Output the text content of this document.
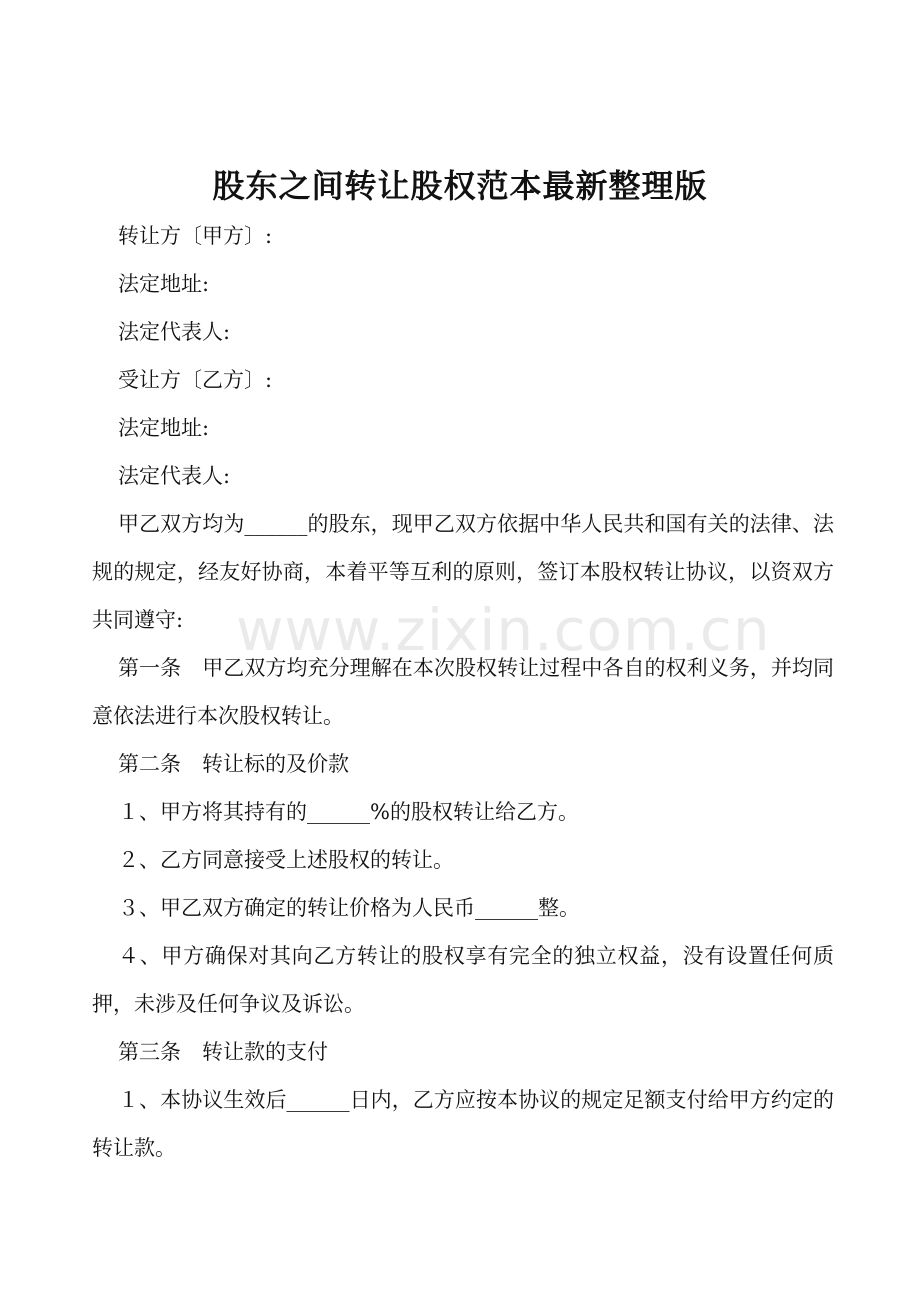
股东之间转让股权范本最新整理版

转让方〔甲方〕:

法定地址:

法定代表人:

受让方〔乙方〕:

法定地址:

法定代表人:

甲乙双方均为______的股东，现甲乙双方依据中华人民共和国有关的法律、法规的规定，经友好协商，本着平等互利的原则，签订本股权转让协议，以资双方共同遵守:

第一条　甲乙双方均充分理解在本次股权转让过程中各自的权利义务，并均同意依法进行本次股权转让。

第二条　转让标的及价款

１、甲方将其持有的______%的股权转让给乙方。

２、乙方同意接受上述股权的转让。

３、甲乙双方确定的转让价格为人民币______整。

４、甲方确保对其向乙方转让的股权享有完全的独立权益，没有设置任何质押，未涉及任何争议及诉讼。

第三条　转让款的支付

１、本协议生效后______日内，乙方应按本协议的规定足额支付给甲方约定的转让款。

www.zixin.com.cn
